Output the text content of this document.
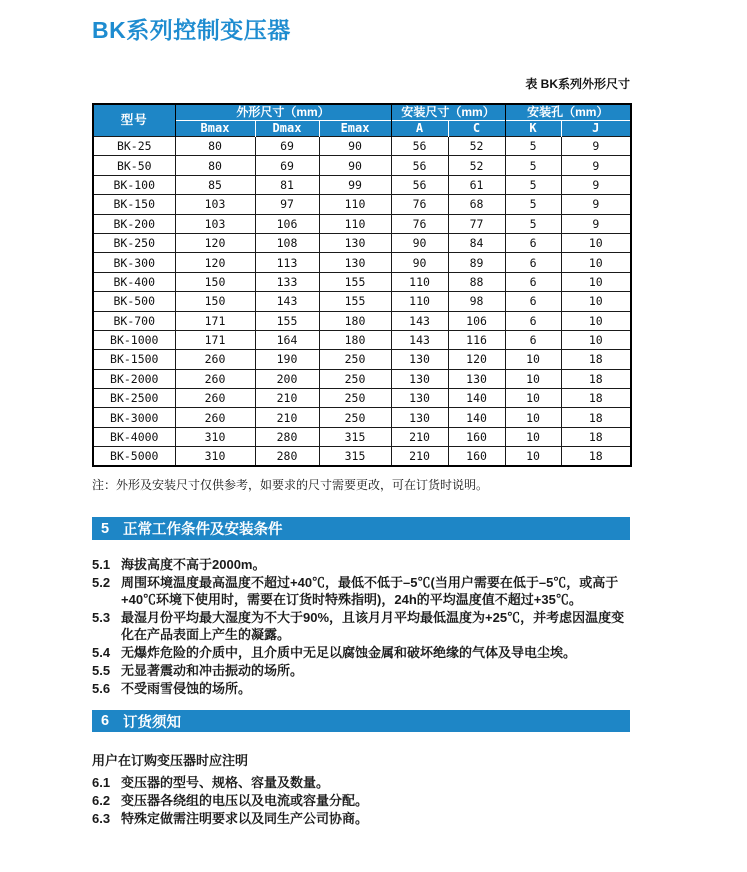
BK系列控制变压器
表 BK系列外形尺寸
型号	外形尺寸（mm）			安装尺寸（mm）		安装孔（mm）	
	Bmax	Dmax	Emax	A	C	K	J
BK-25	80	69	90	56	52	5	9
BK-50	80	69	90	56	52	5	9
BK-100	85	81	99	56	61	5	9
BK-150	103	97	110	76	68	5	9
BK-200	103	106	110	76	77	5	9
BK-250	120	108	130	90	84	6	10
BK-300	120	113	130	90	89	6	10
BK-400	150	133	155	110	88	6	10
BK-500	150	143	155	110	98	6	10
BK-700	171	155	180	143	106	6	10
BK-1000	171	164	180	143	116	6	10
BK-1500	260	190	250	130	120	10	18
BK-2000	260	200	250	130	130	10	18
BK-2500	260	210	250	130	140	10	18
BK-3000	260	210	250	130	140	10	18
BK-4000	310	280	315	210	160	10	18
BK-5000	310	280	315	210	160	10	18
注：外形及安装尺寸仅供参考，如要求的尺寸需要更改，可在订货时说明。
5 正常工作条件及安装条件
5.1 海拔高度不高于2000m。
5.2 周围环境温度最高温度不超过+40℃，最低不低于–5℃(当用户需要在低于–5℃，或高于+40℃环境下使用时，需要在订货时特殊指明)，24h的平均温度值不超过+35℃。
5.3 最湿月份平均最大湿度为不大于90%，且该月月平均最低温度为+25℃，并考虑因温度变化在产品表面上产生的凝露。
5.4 无爆炸危险的介质中，且介质中无足以腐蚀金属和破坏绝缘的气体及导电尘埃。
5.5 无显著震动和冲击振动的场所。
5.6 不受雨雪侵蚀的场所。
6 订货须知
用户在订购变压器时应注明
6.1 变压器的型号、规格、容量及数量。
6.2 变压器各绕组的电压以及电流或容量分配。
6.3 特殊定做需注明要求以及同生产公司协商。
